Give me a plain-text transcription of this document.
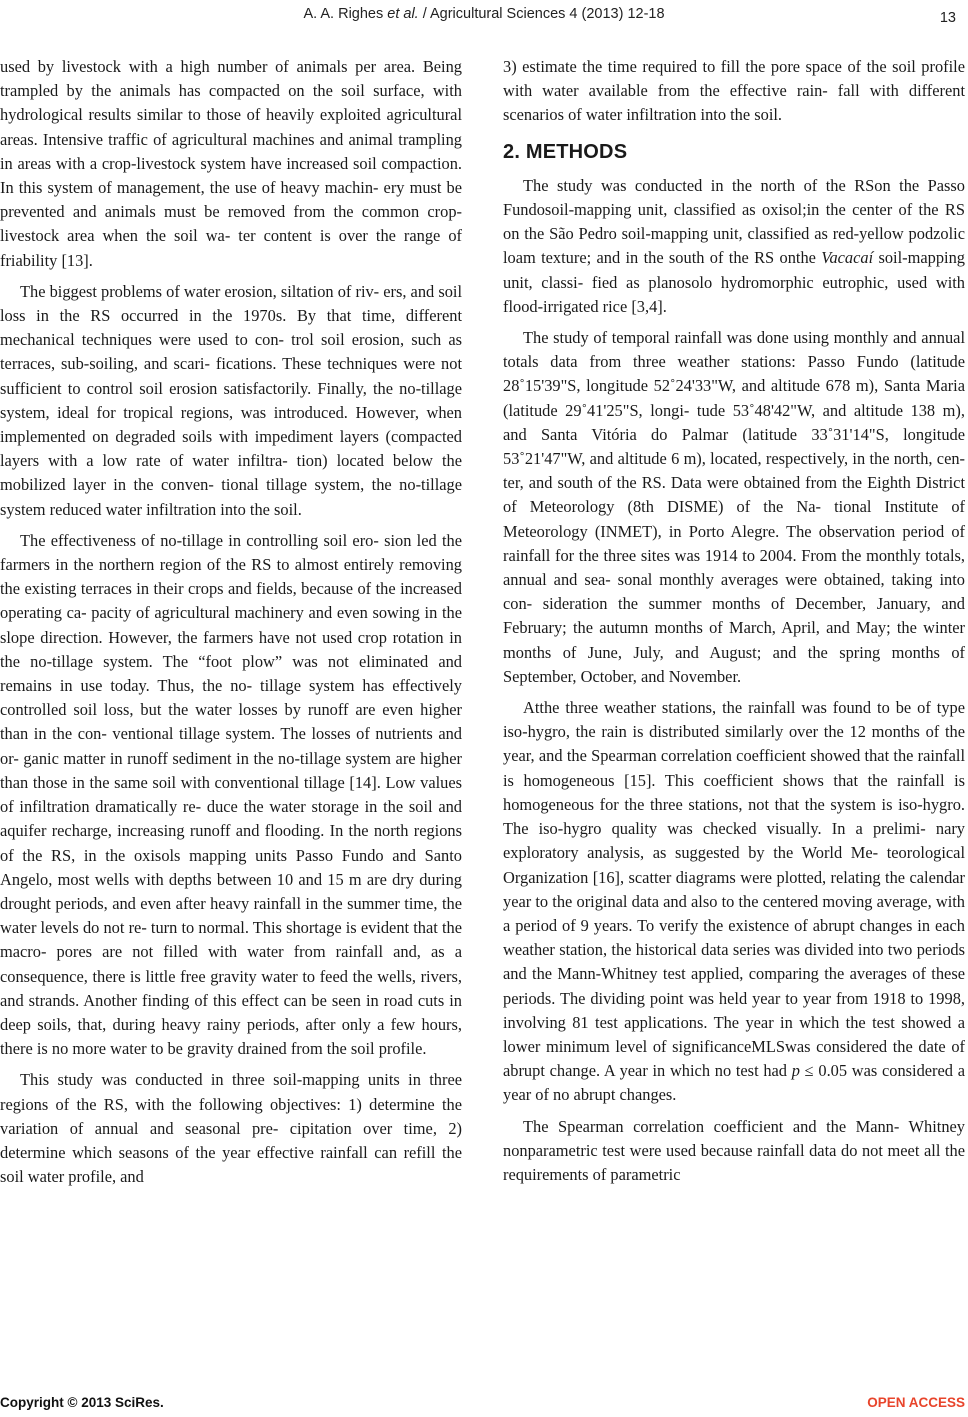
A. A. Righes et al. / Agricultural Sciences 4 (2013) 12-18	13

used by livestock with a high number of animals per area. Being trampled by the animals has compacted on the soil surface, with hydrological results similar to those of heavily exploited agricultural areas. Intensive traffic of agricultural machines and animal trampling in areas with a crop-livestock system have increased soil compaction. In this system of management, the use of heavy machin- ery must be prevented and animals must be removed from the common crop-livestock area when the soil wa- ter content is over the range of friability [13].

The biggest problems of water erosion, siltation of riv- ers, and soil loss in the RS occurred in the 1970s. By that time, different mechanical techniques were used to con- trol soil erosion, such as terraces, sub-soiling, and scari- fications. These techniques were not sufficient to control soil erosion satisfactorily. Finally, the no-tillage system, ideal for tropical regions, was introduced. However, when implemented on degraded soils with impediment layers (compacted layers with a low rate of water infiltra- tion) located below the mobilized layer in the conven- tional tillage system, the no-tillage system reduced water infiltration into the soil.

The effectiveness of no-tillage in controlling soil ero- sion led the farmers in the northern region of the RS to almost entirely removing the existing terraces in their crops and fields, because of the increased operating ca- pacity of agricultural machinery and even sowing in the slope direction. However, the farmers have not used crop rotation in the no-tillage system. The “foot plow” was not eliminated and remains in use today. Thus, the no- tillage system has effectively controlled soil loss, but the water losses by runoff are even higher than in the con- ventional tillage system. The losses of nutrients and or- ganic matter in runoff sediment in the no-tillage system are higher than those in the same soil with conventional tillage [14]. Low values of infiltration dramatically re- duce the water storage in the soil and aquifer recharge, increasing runoff and flooding. In the north regions of the RS, in the oxisols mapping units Passo Fundo and Santo Angelo, most wells with depths between 10 and 15 m are dry during drought periods, and even after heavy rainfall in the summer time, the water levels do not re- turn to normal. This shortage is evident that the macro- pores are not filled with water from rainfall and, as a consequence, there is little free gravity water to feed the wells, rivers, and strands. Another finding of this effect can be seen in road cuts in deep soils, that, during heavy rainy periods, after only a few hours, there is no more water to be gravity drained from the soil profile.

This study was conducted in three soil-mapping units in three regions of the RS, with the following objectives: 1) determine the variation of annual and seasonal pre- cipitation over time, 2) determine which seasons of the year effective rainfall can refill the soil water profile, and

3) estimate the time required to fill the pore space of the soil profile with water available from the effective rain- fall with different scenarios of water infiltration into the soil.

2. METHODS

The study was conducted in the north of the RSon the Passo Fundosoil-mapping unit, classified as oxisol;in the center of the RS on the São Pedro soil-mapping unit, classified as red-yellow podzolic loam texture; and in the south of the RS onthe Vacacaí soil-mapping unit, classi- fied as planosolo hydromorphic eutrophic, used with flood-irrigated rice [3,4].

The study of temporal rainfall was done using monthly and annual totals data from three weather stations: Passo Fundo (latitude 28˚15'39"S, longitude 52˚24'33"W, and altitude 678 m), Santa Maria (latitude 29˚41'25"S, longi- tude 53˚48'42"W, and altitude 138 m), and Santa Vitória do Palmar (latitude 33˚31'14"S, longitude 53˚21'47"W, and altitude 6 m), located, respectively, in the north, cen- ter, and south of the RS. Data were obtained from the Eighth District of Meteorology (8th DISME) of the Na- tional Institute of Meteorology (INMET), in Porto Alegre. The observation period of rainfall for the three sites was 1914 to 2004. From the monthly totals, annual and sea- sonal monthly averages were obtained, taking into con- sideration the summer months of December, January, and February; the autumn months of March, April, and May; the winter months of June, July, and August; and the spring months of September, October, and November.

Atthe three weather stations, the rainfall was found to be of type iso-hygro, the rain is distributed similarly over the 12 months of the year, and the Spearman correlation coefficient showed that the rainfall is homogeneous [15]. This coefficient shows that the rainfall is homogeneous for the three stations, not that the system is iso-hygro. The iso-hygro quality was checked visually. In a prelimi- nary exploratory analysis, as suggested by the World Me- teorological Organization [16], scatter diagrams were plotted, relating the calendar year to the original data and also to the centered moving average, with a period of 9 years. To verify the existence of abrupt changes in each weather station, the historical data series was divided into two periods and the Mann-Whitney test applied, comparing the averages of these periods. The dividing point was held year to year from 1918 to 1998, involving 81 test applications. The year in which the test showed a lower minimum level of significanceMLSwas considered the date of abrupt change. A year in which no test had p ≤ 0.05 was considered a year of no abrupt changes.

The Spearman correlation coefficient and the Mann- Whitney nonparametric test were used because rainfall data do not meet all the requirements of parametric

Copyright © 2013 SciRes.	OPEN ACCESS
